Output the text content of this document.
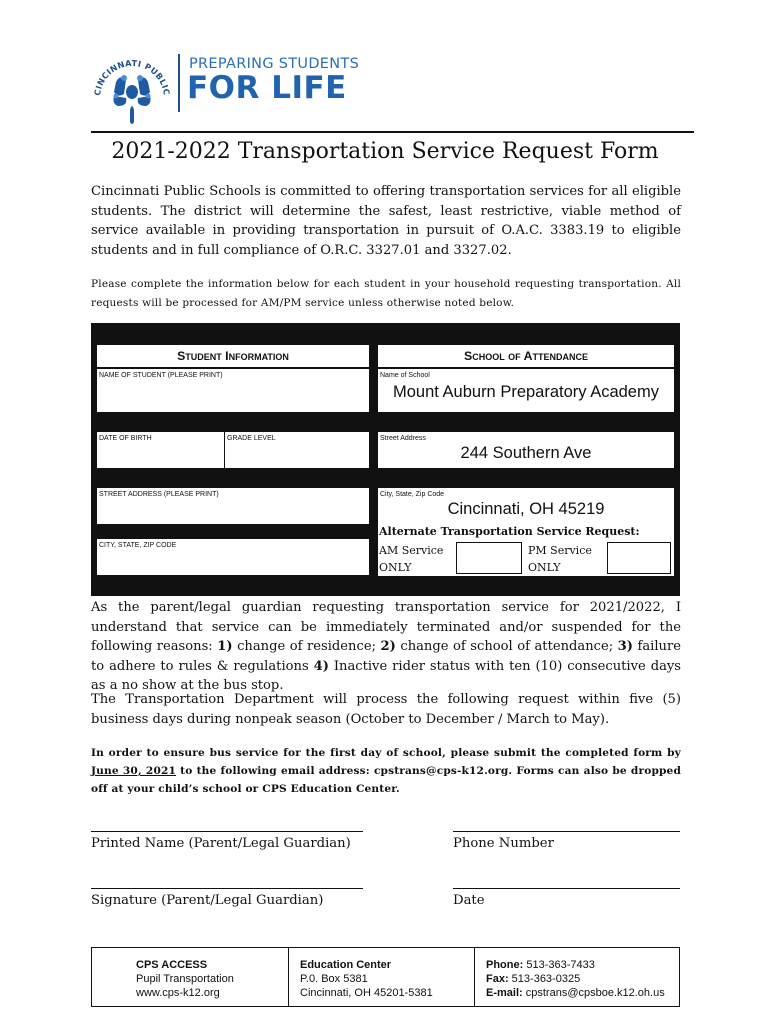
CINCINNATI PUBLIC
PREPARING STUDENTS
FOR LIFE
2021-2022 Transportation Service Request Form
Cincinnati Public Schools is committed to offering transportation services for all eligible students. The district will determine the safest, least restrictive, viable method of service available in providing transportation in pursuit of O.A.C. 3383.19 to eligible students and in full compliance of O.R.C. 3327.01 and 3327.02.
Please complete the information below for each student in your household requesting transportation. All requests will be processed for AM/PM service unless otherwise noted below.
Student Information
NAME OF STUDENT (PLEASE PRINT)
DATE OF BIRTH	GRADE LEVEL
STREET ADDRESS (PLEASE PRINT)
CITY, STATE, ZIP CODE
School of Attendance
Name of School
Mount Auburn Preparatory Academy
Street Address
244 Southern Ave
City, State, Zip Code
Cincinnati, OH 45219
Alternate Transportation Service Request:
AM Service
ONLY
PM Service
ONLY
As the parent/legal guardian requesting transportation service for 2021/2022, I understand that service can be immediately terminated and/or suspended for the following reasons: 1) change of residence; 2) change of school of attendance; 3) failure to adhere to rules & regulations 4) Inactive rider status with ten (10) consecutive days as a no show at the bus stop.
The Transportation Department will process the following request within five (5) business days during nonpeak season (October to December / March to May).
In order to ensure bus service for the first day of school, please submit the completed form by June 30, 2021 to the following email address: cpstrans@cps-k12.org. Forms can also be dropped off at your child’s school or CPS Education Center.
Printed Name (Parent/Legal Guardian)	Phone Number
Signature (Parent/Legal Guardian)	Date
CPS ACCESS
Pupil Transportation
www.cps-k12.org
Education Center
P.0. Box 5381
Cincinnati, OH 45201-5381
Phone: 513-363-7433
Fax: 513-363-0325
E-mail: cpstrans@cpsboe.k12.oh.us
